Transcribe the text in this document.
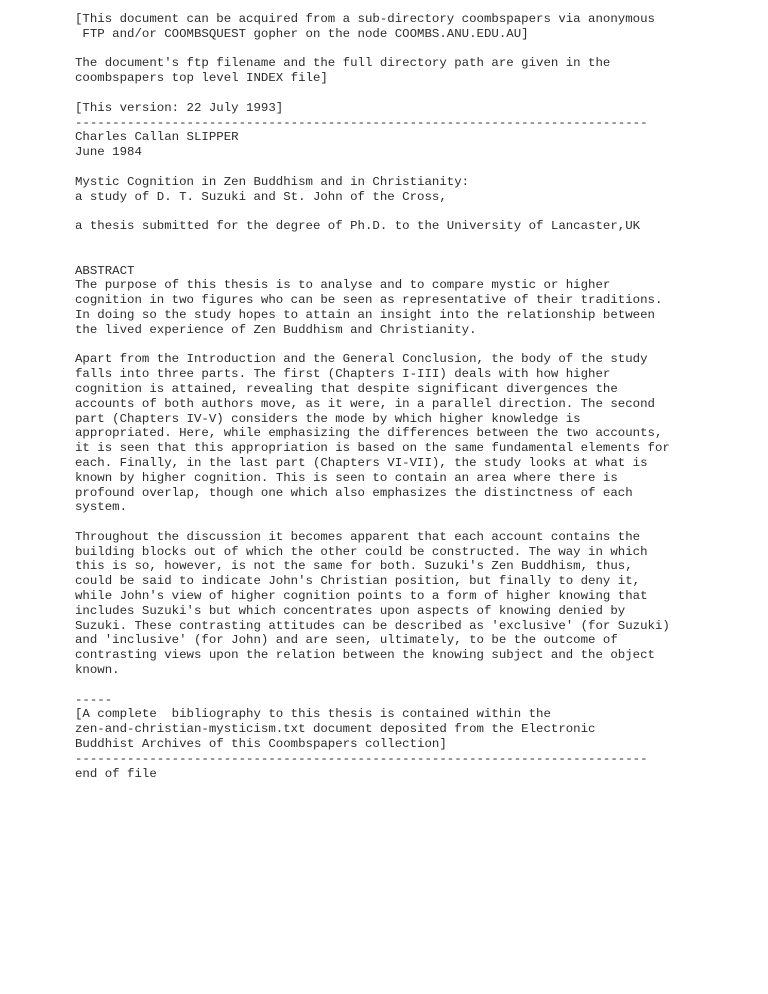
[This document can be acquired from a sub-directory coombspapers via anonymous
FTP and/or COOMBSQUEST gopher on the node COOMBS.ANU.EDU.AU]
The document's ftp filename and the full directory path are given in the
coombspapers top level INDEX file]
[This version: 22 July 1993]
-----------------------------------------------------------------------------
Charles Callan SLIPPER
June 1984
Mystic Cognition in Zen Buddhism and in Christianity:
a study of D. T. Suzuki and St. John of the Cross,
a thesis submitted for the degree of Ph.D. to the University of Lancaster,UK
ABSTRACT
The purpose of this thesis is to analyse and to compare mystic or higher
cognition in two figures who can be seen as representative of their traditions.
In doing so the study hopes to attain an insight into the relationship between
the lived experience of Zen Buddhism and Christianity.
Apart from the Introduction and the General Conclusion, the body of the study
falls into three parts. The first (Chapters I-III) deals with how higher
cognition is attained, revealing that despite significant divergences the
accounts of both authors move, as it were, in a parallel direction. The second
part (Chapters IV-V) considers the mode by which higher knowledge is
appropriated. Here, while emphasizing the differences between the two accounts,
it is seen that this appropriation is based on the same fundamental elements for
each. Finally, in the last part (Chapters VI-VII), the study looks at what is
known by higher cognition. This is seen to contain an area where there is
profound overlap, though one which also emphasizes the distinctness of each
system.
Throughout the discussion it becomes apparent that each account contains the
building blocks out of which the other could be constructed. The way in which
this is so, however, is not the same for both. Suzuki's Zen Buddhism, thus,
could be said to indicate John's Christian position, but finally to deny it,
while John's view of higher cognition points to a form of higher knowing that
includes Suzuki's but which concentrates upon aspects of knowing denied by
Suzuki. These contrasting attitudes can be described as 'exclusive' (for Suzuki)
and 'inclusive' (for John) and are seen, ultimately, to be the outcome of
contrasting views upon the relation between the knowing subject and the object
known.
-----
[A complete  bibliography to this thesis is contained within the
zen-and-christian-mysticism.txt document deposited from the Electronic
Buddhist Archives of this Coombspapers collection]
-----------------------------------------------------------------------------
end of file
